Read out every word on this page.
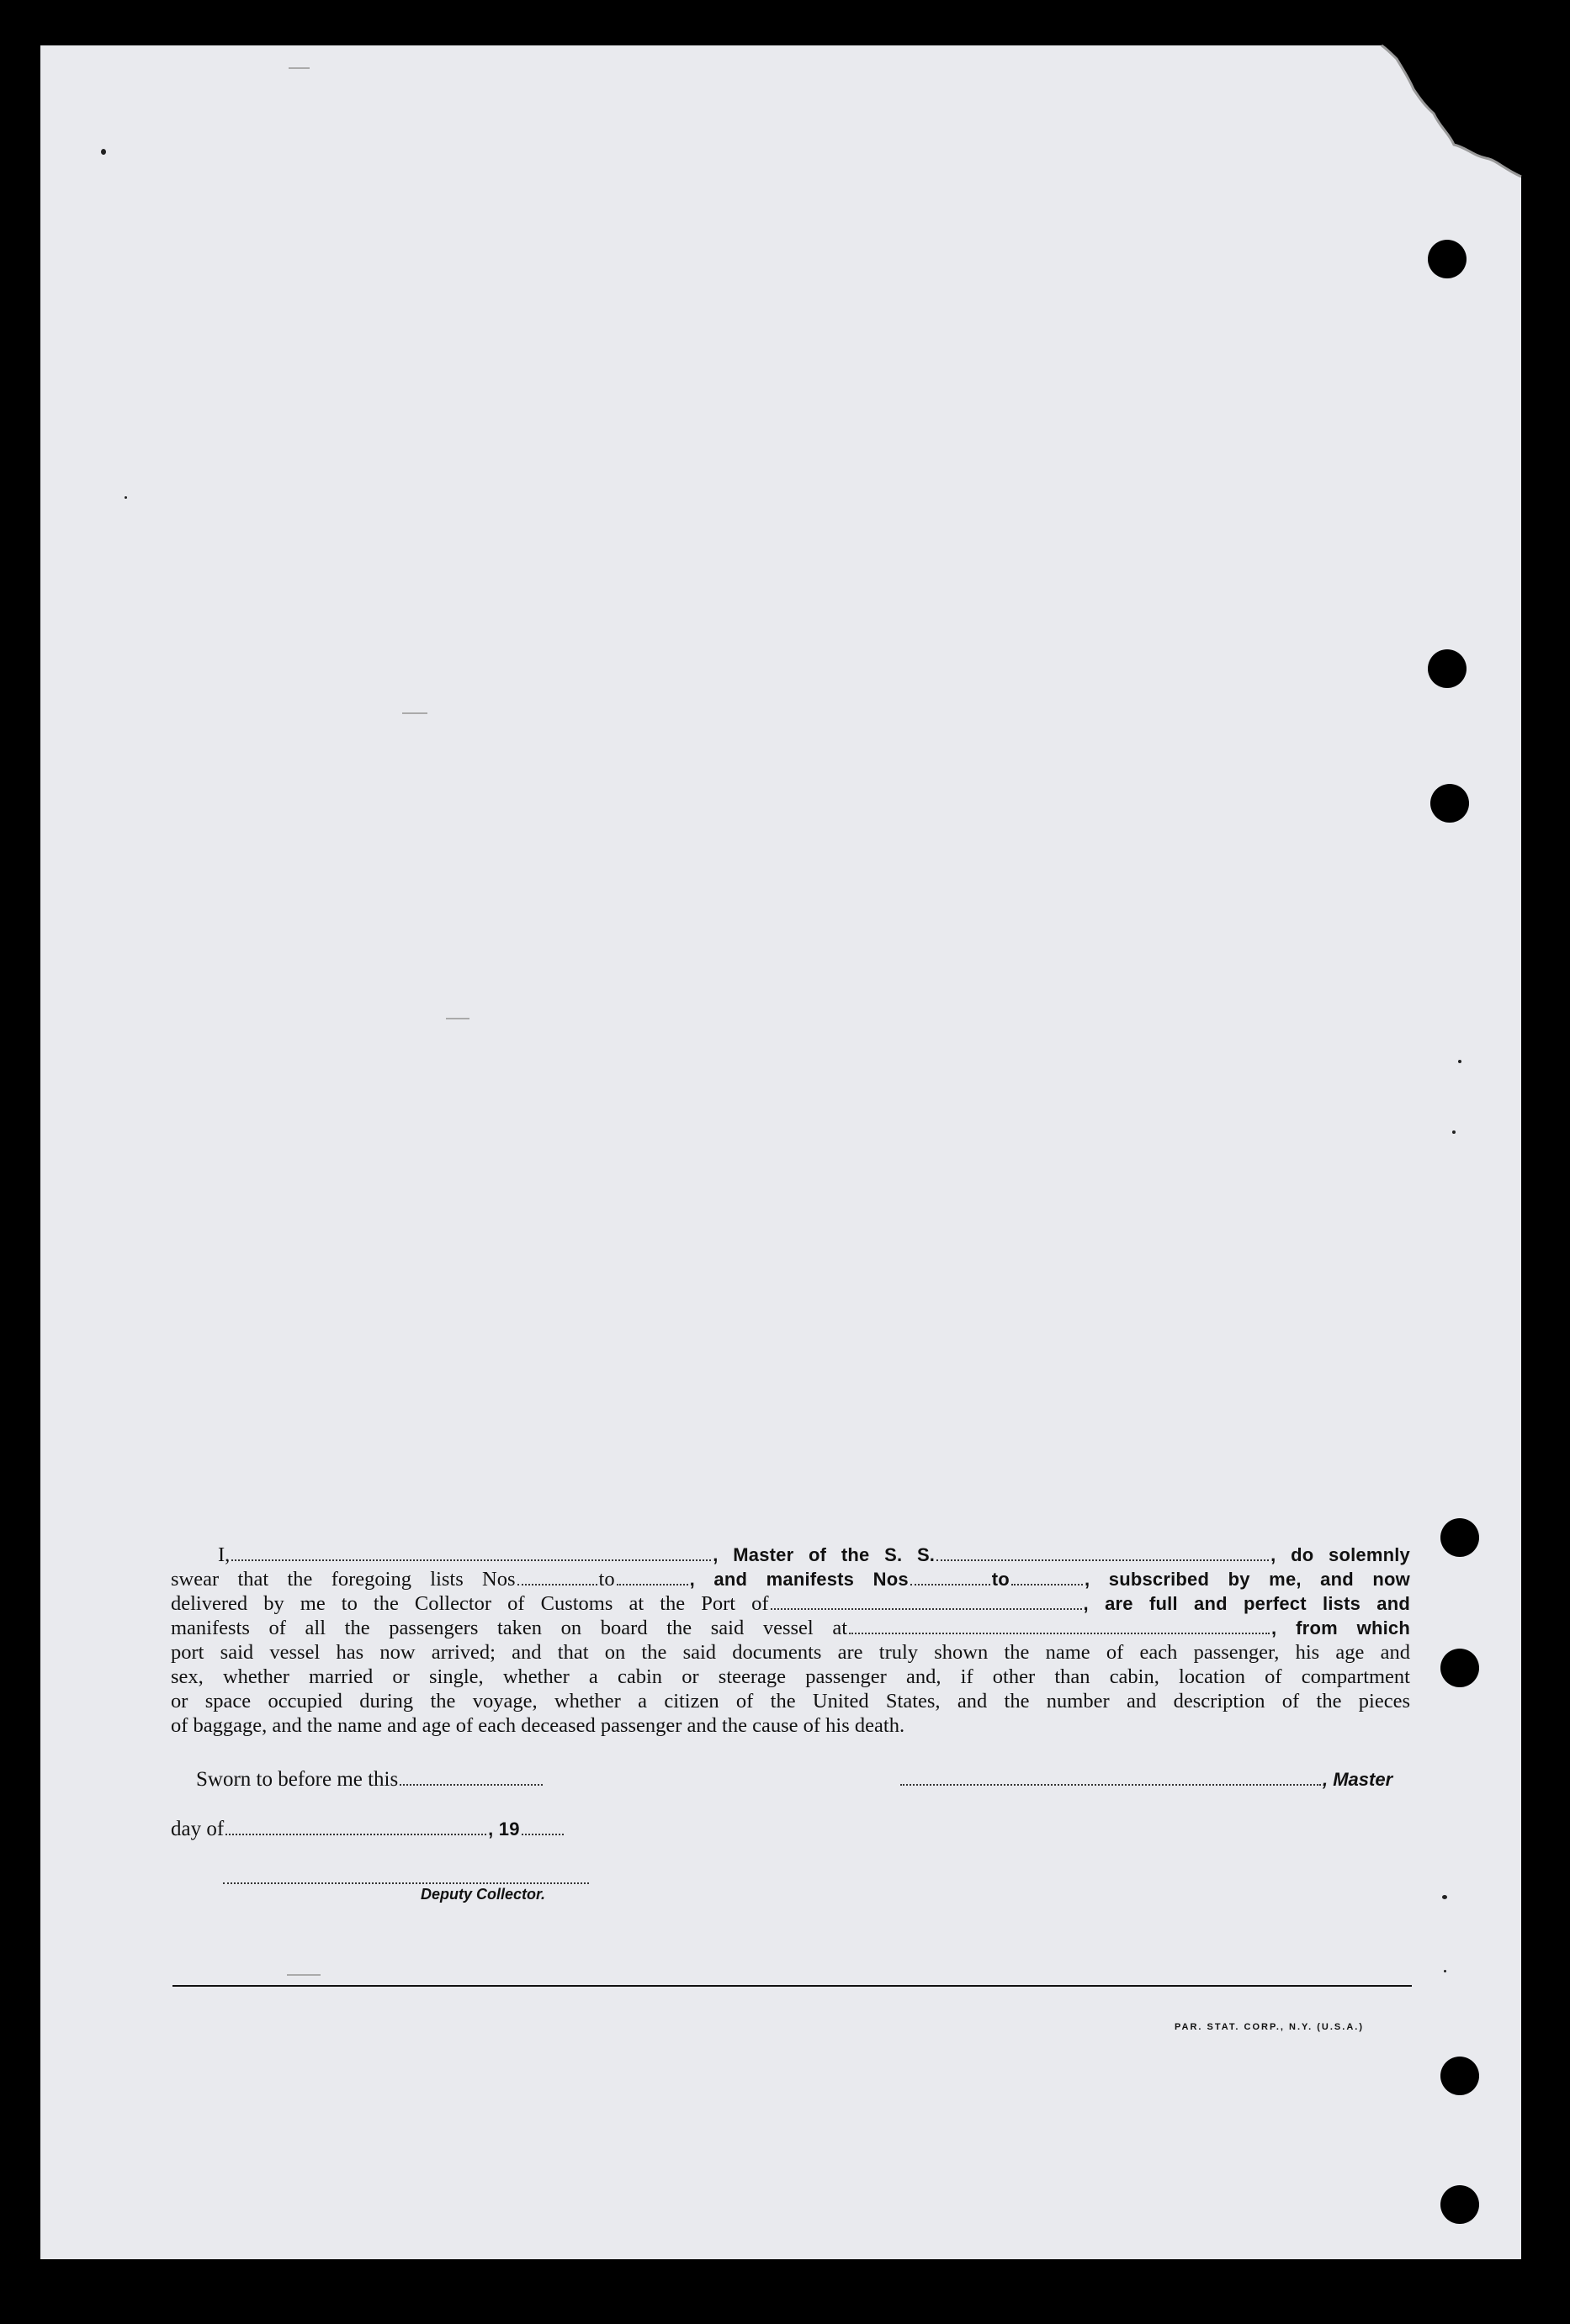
I,	, Master of the S. S.	, do solemnly
swear that the foregoing lists Nos	to	, and manifests Nos	to	, subscribed by me, and now
delivered by me to the Collector of Customs at the Port of	, are full and perfect lists and
manifests of all the passengers taken on board the said vessel at	, from which
port said vessel has now arrived; and that on the said documents are truly shown the name of each passenger, his age and
sex, whether married or single, whether a cabin or steerage passenger and, if other than cabin, location of compartment
or space occupied during the voyage, whether a citizen of the United States, and the number and description of the pieces
of baggage, and the name and age of each deceased passenger and the cause of his death.
Sworn to before me this	, Master
day of	, 19
Deputy Collector.
PAR. STAT. CORP., N.Y. (U.S.A.)
